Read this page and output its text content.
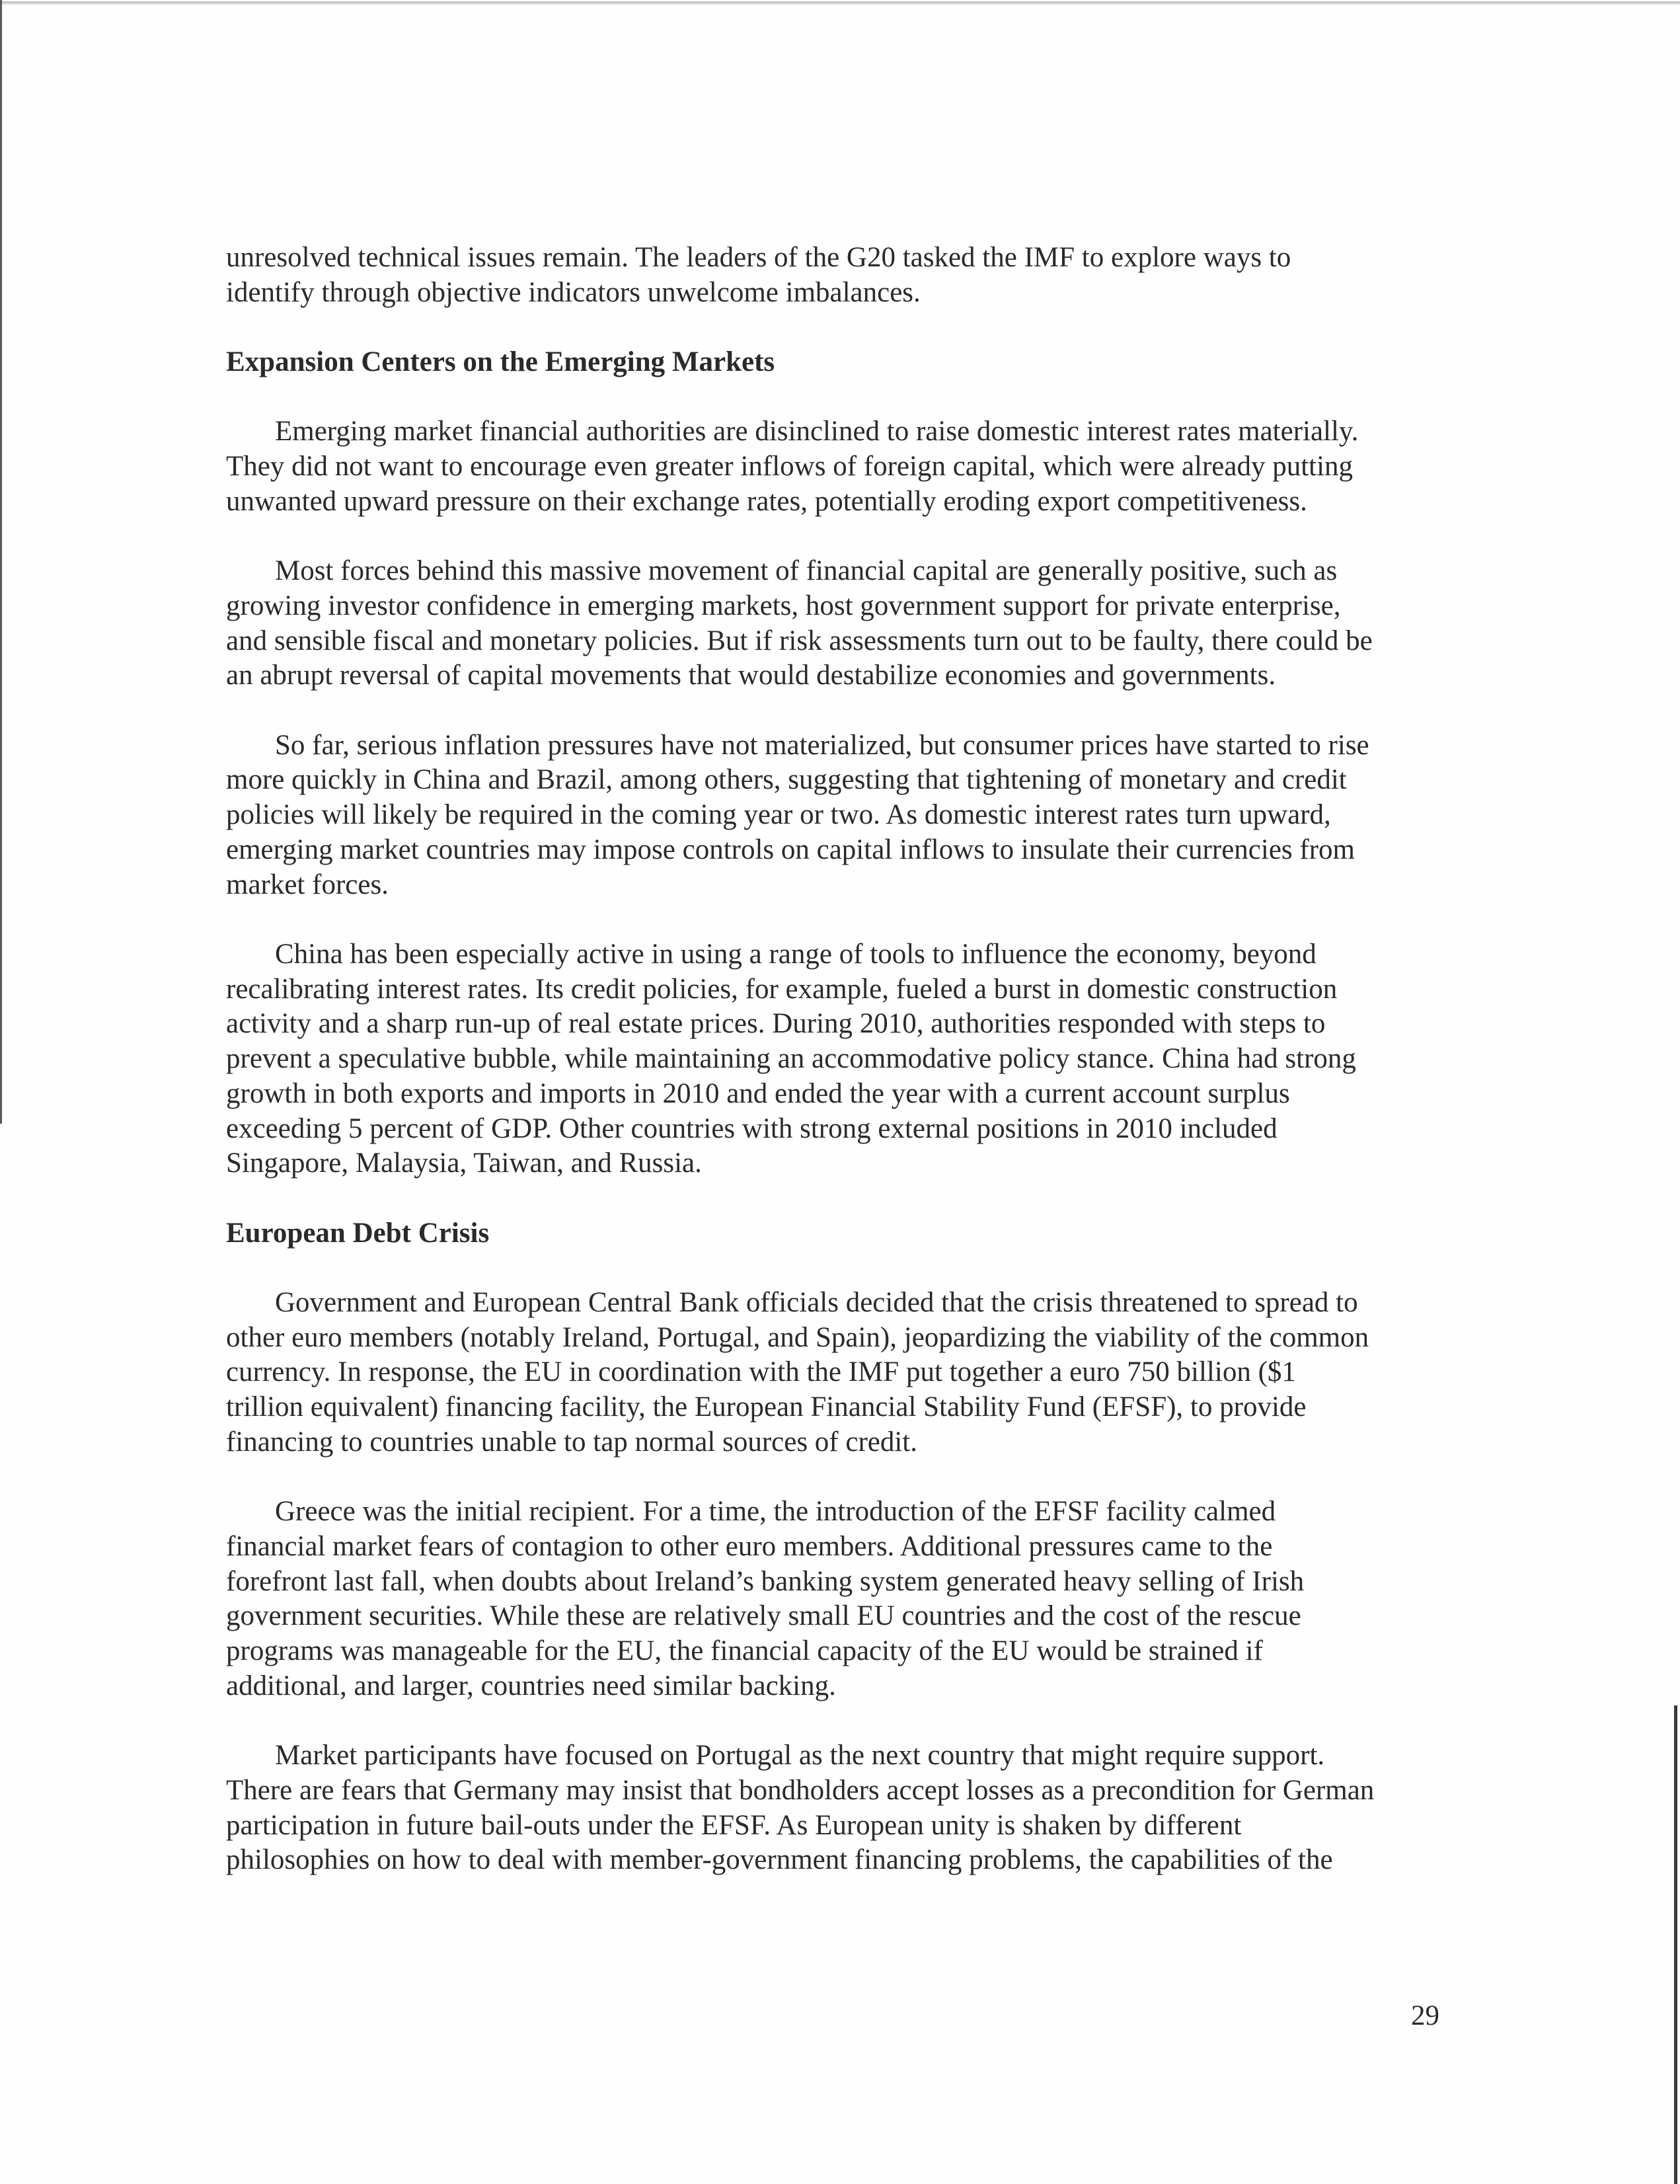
unresolved technical issues remain. The leaders of the G20 tasked the IMF to explore ways to
identify through objective indicators unwelcome imbalances.
Expansion Centers on the Emerging Markets
Emerging market financial authorities are disinclined to raise domestic interest rates materially.
They did not want to encourage even greater inflows of foreign capital, which were already putting
unwanted upward pressure on their exchange rates, potentially eroding export competitiveness.
Most forces behind this massive movement of financial capital are generally positive, such as
growing investor confidence in emerging markets, host government support for private enterprise,
and sensible fiscal and monetary policies. But if risk assessments turn out to be faulty, there could be
an abrupt reversal of capital movements that would destabilize economies and governments.
So far, serious inflation pressures have not materialized, but consumer prices have started to rise
more quickly in China and Brazil, among others, suggesting that tightening of monetary and credit
policies will likely be required in the coming year or two. As domestic interest rates turn upward,
emerging market countries may impose controls on capital inflows to insulate their currencies from
market forces.
China has been especially active in using a range of tools to influence the economy, beyond
recalibrating interest rates. Its credit policies, for example, fueled a burst in domestic construction
activity and a sharp run-up of real estate prices. During 2010, authorities responded with steps to
prevent a speculative bubble, while maintaining an accommodative policy stance. China had strong
growth in both exports and imports in 2010 and ended the year with a current account surplus
exceeding 5 percent of GDP. Other countries with strong external positions in 2010 included
Singapore, Malaysia, Taiwan, and Russia.
European Debt Crisis
Government and European Central Bank officials decided that the crisis threatened to spread to
other euro members (notably Ireland, Portugal, and Spain), jeopardizing the viability of the common
currency. In response, the EU in coordination with the IMF put together a euro 750 billion ($1
trillion equivalent) financing facility, the European Financial Stability Fund (EFSF), to provide
financing to countries unable to tap normal sources of credit.
Greece was the initial recipient. For a time, the introduction of the EFSF facility calmed
financial market fears of contagion to other euro members. Additional pressures came to the
forefront last fall, when doubts about Ireland’s banking system generated heavy selling of Irish
government securities. While these are relatively small EU countries and the cost of the rescue
programs was manageable for the EU, the financial capacity of the EU would be strained if
additional, and larger, countries need similar backing.
Market participants have focused on Portugal as the next country that might require support.
There are fears that Germany may insist that bondholders accept losses as a precondition for German
participation in future bail-outs under the EFSF. As European unity is shaken by different
philosophies on how to deal with member-government financing problems, the capabilities of the
29
